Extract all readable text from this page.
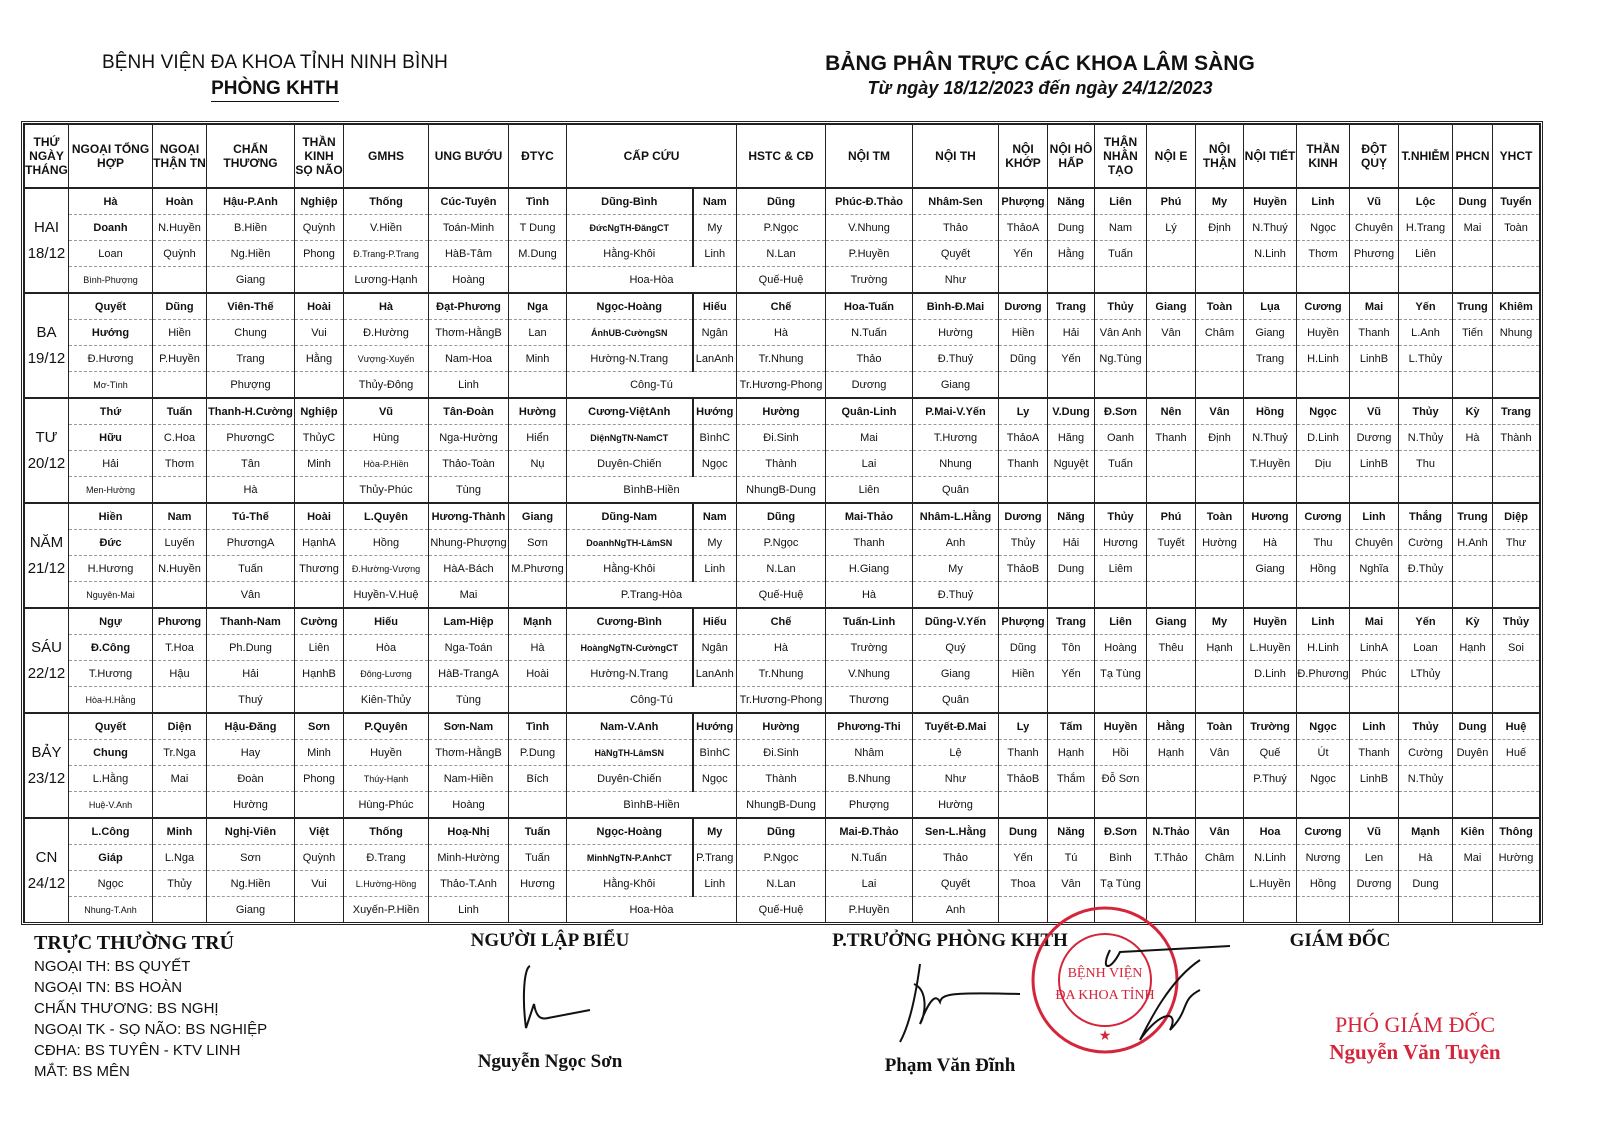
BỆNH VIỆN ĐA KHOA TỈNH NINH BÌNH
PHÒNG KHTH
BẢNG PHÂN TRỰC CÁC KHOA LÂM SÀNG
Từ ngày 18/12/2023 đến ngày 24/12/2023
THỨ NGÀY THÁNG	NGOẠI TỔNG HỢP	NGOẠI THẬN TN	CHẤN THƯƠNG	THẦN KINH SỌ NÃO	GMHS	UNG BƯỚU	ĐTYC	CẤP CỨU		HSTC & CĐ	NỘI TM	NỘI TH	NỘI KHỚP	NỘI HÔ HẤP	THẬN NHÂN TẠO	NỘI E	NỘI THẬN	NỘI TIẾT	THẦN KINH	ĐỘT QUỴ	T.NHIỄM	PHCN	YHCT
	Hà	Hoàn	Hậu-P.Anh	Nghiệp	Thống	Cúc-Tuyên	Tình	Dũng-Bình	Nam	Dũng	Phúc-Đ.Thảo	Nhâm-Sen	Phượng	Năng	Liên	Phú	My	Huyền	Linh	Vũ	Lộc	Dung	Tuyển
HAI	Doanh	N.Huyền	B.Hiền	Quỳnh	V.Hiền	Toán-Minh	T Dung	ĐứcNgTH-ĐăngCT	My	P.Ngọc	V.Nhung	Thảo	ThảoA	Dung	Nam	Lý	Định	N.Thuý	Ngọc	Chuyên	H.Trang	Mai	Toàn
18/12	Loan	Quỳnh	Ng.Hiền	Phong	Đ.Trang-P.Trang	HàB-Tâm	M.Dung	Hằng-Khôi	Linh	N.Lan	P.Huyền	Quyết	Yến	Hằng	Tuấn			N.Linh	Thơm	Phương	Liên		
	Bình-Phượng		Giang		Lương-Hạnh	Hoàng		Hoa-Hòa		Quế-Huệ	Trường	Như											
	Quyết	Dũng	Viên-Thế	Hoài	Hà	Đạt-Phương	Nga	Ngọc-Hoàng	Hiếu	Chế	Hoa-Tuấn	Bình-Đ.Mai	Dương	Trang	Thủy	Giang	Toàn	Lụa	Cương	Mai	Yến	Trung	Khiêm
BA	Hướng	Hiền	Chung	Vui	Đ.Hường	Thơm-HằngB	Lan	ÁnhUB-CườngSN	Ngân	Hà	N.Tuấn	Hường	Hiền	Hải	Vân Anh	Vân	Châm	Giang	Huyền	Thanh	L.Anh	Tiến	Nhung
19/12	Đ.Hương	P.Huyền	Trang	Hằng	Vượng-Xuyến	Nam-Hoa	Minh	Hường-N.Trang	LanAnh	Tr.Nhung	Thảo	Đ.Thuỷ	Dũng	Yến	Ng.Tùng			Trang	H.Linh	LinhB	L.Thủy		
	Mơ-Tình		Phượng		Thủy-Đông	Linh		Công-Tú		Tr.Hương-Phong	Dương	Giang											
	Thứ	Tuấn	Thanh-H.Cường	Nghiệp	Vũ	Tân-Đoàn	Hường	Cương-ViệtAnh	Hướng	Hường	Quân-Linh	P.Mai-V.Yến	Ly	V.Dung	Đ.Sơn	Nên	Vân	Hồng	Ngọc	Vũ	Thủy	Kỳ	Trang
TƯ	Hữu	C.Hoa	PhươngC	ThủyC	Hùng	Nga-Hường	Hiển	DiệnNgTN-NamCT	BìnhC	Đi.Sinh	Mai	T.Hương	ThảoA	Hăng	Oanh	Thanh	Định	N.Thuỷ	D.Linh	Dương	N.Thủy	Hà	Thành
20/12	Hải	Thơm	Tân	Minh	Hòa-P.Hiền	Thảo-Toàn	Nụ	Duyên-Chiến	Ngọc	Thành	Lai	Nhung	Thanh	Nguyệt	Tuấn			T.Huyền	Dịu	LinhB	Thu		
	Men-Hường		Hà		Thủy-Phúc	Tùng		BìnhB-Hiền		NhungB-Dung	Liên	Quân											
	Hiền	Nam	Tú-Thế	Hoài	L.Quyên	Hương-Thành	Giang	Dũng-Nam	Nam	Dũng	Mai-Thảo	Nhâm-L.Hằng	Dương	Năng	Thủy	Phú	Toàn	Hương	Cương	Linh	Thắng	Trung	Diệp
NĂM	Đức	Luyến	PhươngA	HạnhA	Hồng	Nhung-Phượng	Sơn	DoanhNgTH-LâmSN	My	P.Ngọc	Thanh	Anh	Thủy	Hải	Hương	Tuyết	Hường	Hà	Thu	Chuyên	Cường	H.Anh	Thư
21/12	H.Hương	N.Huyền	Tuấn	Thương	Đ.Hường-Vượng	HàA-Bách	M.Phương	Hằng-Khôi	Linh	N.Lan	H.Giang	My	ThảoB	Dung	Liêm			Giang	Hồng	Nghĩa	Đ.Thủy		
	Nguyên-Mai		Vân		Huyền-V.Huệ	Mai		P.Trang-Hòa		Quế-Huệ	Hà	Đ.Thuỷ											
	Ngự	Phương	Thanh-Nam	Cường	Hiếu	Lam-Hiệp	Mạnh	Cương-Bình	Hiếu	Chế	Tuấn-Linh	Dũng-V.Yến	Phượng	Trang	Liên	Giang	My	Huyền	Linh	Mai	Yến	Kỳ	Thủy
SÁU	Đ.Công	T.Hoa	Ph.Dung	Liên	Hòa	Nga-Toán	Hà	HoàngNgTN-CườngCT	Ngân	Hà	Trường	Quý	Dũng	Tôn	Hoàng	Thêu	Hạnh	L.Huyền	H.Linh	LinhA	Loan	Hạnh	Soi
22/12	T.Hương	Hậu	Hải	HạnhB	Đông-Lương	HàB-TrangA	Hoài	Hường-N.Trang	LanAnh	Tr.Nhung	V.Nhung	Giang	Hiền	Yến	Tạ Tùng			D.Linh	Đ.Phương	Phúc	LThủy		
	Hòa-H.Hằng		Thuý		Kiên-Thủy	Tùng		Công-Tú		Tr.Hương-Phong	Thương	Quân											
	Quyết	Diện	Hậu-Đăng	Sơn	P.Quyên	Sơn-Nam	Tình	Nam-V.Anh	Hướng	Hường	Phương-Thi	Tuyết-Đ.Mai	Ly	Tấm	Huyền	Hằng	Toàn	Trường	Ngọc	Linh	Thủy	Dung	Huệ
BẢY	Chung	Tr.Nga	Hay	Minh	Huyền	Thơm-HằngB	P.Dung	HàNgTH-LâmSN	BìnhC	Đi.Sinh	Nhâm	Lệ	Thanh	Hạnh	Hồi	Hạnh	Vân	Quế	Út	Thanh	Cường	Duyên	Huế
23/12	L.Hằng	Mai	Đoàn	Phong	Thúy-Hạnh	Nam-Hiền	Bích	Duyên-Chiến	Ngọc	Thành	B.Nhung	Như	ThảoB	Thắm	Đỗ Sơn			P.Thuý	Ngọc	LinhB	N.Thủy		
	Huệ-V.Anh		Hường		Hùng-Phúc	Hoàng		BìnhB-Hiền		NhungB-Dung	Phượng	Hường											
	L.Công	Minh	Nghị-Viên	Việt	Thống	Hoạ-Nhị	Tuấn	Ngọc-Hoàng	My	Dũng	Mai-Đ.Thảo	Sen-L.Hằng	Dung	Năng	Đ.Sơn	N.Thảo	Vân	Hoa	Cương	Vũ	Mạnh	Kiên	Thông
CN	Giáp	L.Nga	Sơn	Quỳnh	Đ.Trang	Minh-Hường	Tuấn	MinhNgTN-P.AnhCT	P.Trang	P.Ngọc	N.Tuấn	Thảo	Yến	Tú	Bình	T.Thảo	Châm	N.Linh	Nương	Len	Hà	Mai	Hường
24/12	Ngọc	Thủy	Ng.Hiền	Vui	L.Hường-Hồng	Thảo-T.Anh	Hương	Hằng-Khôi	Linh	N.Lan	Lai	Quyết	Thoa	Vân	Tạ Tùng			L.Huyền	Hồng	Dương	Dung		
	Nhung-T.Anh		Giang		Xuyến-P.Hiền	Linh		Hoa-Hòa		Quế-Huệ	P.Huyền	Anh											
TRỰC THƯỜNG TRÚ
NGOẠI TH: BS QUYẾT
NGOẠI TN: BS HOÀN
CHẤN THƯƠNG: BS NGHỊ
NGOẠI TK - SỌ NÃO: BS NGHIỆP
CĐHA: BS TUYÊN - KTV LINH
MẮT: BS MÊN
NGƯỜI LẬP BIỂU
Nguyễn Ngọc Sơn
P.TRƯỞNG PHÒNG KHTH
Phạm Văn Đĩnh
BỆNH VIỆN
ĐA KHOA TỈNH
★
GIÁM ĐỐC
PHÓ GIÁM ĐỐC
Nguyễn Văn Tuyên
